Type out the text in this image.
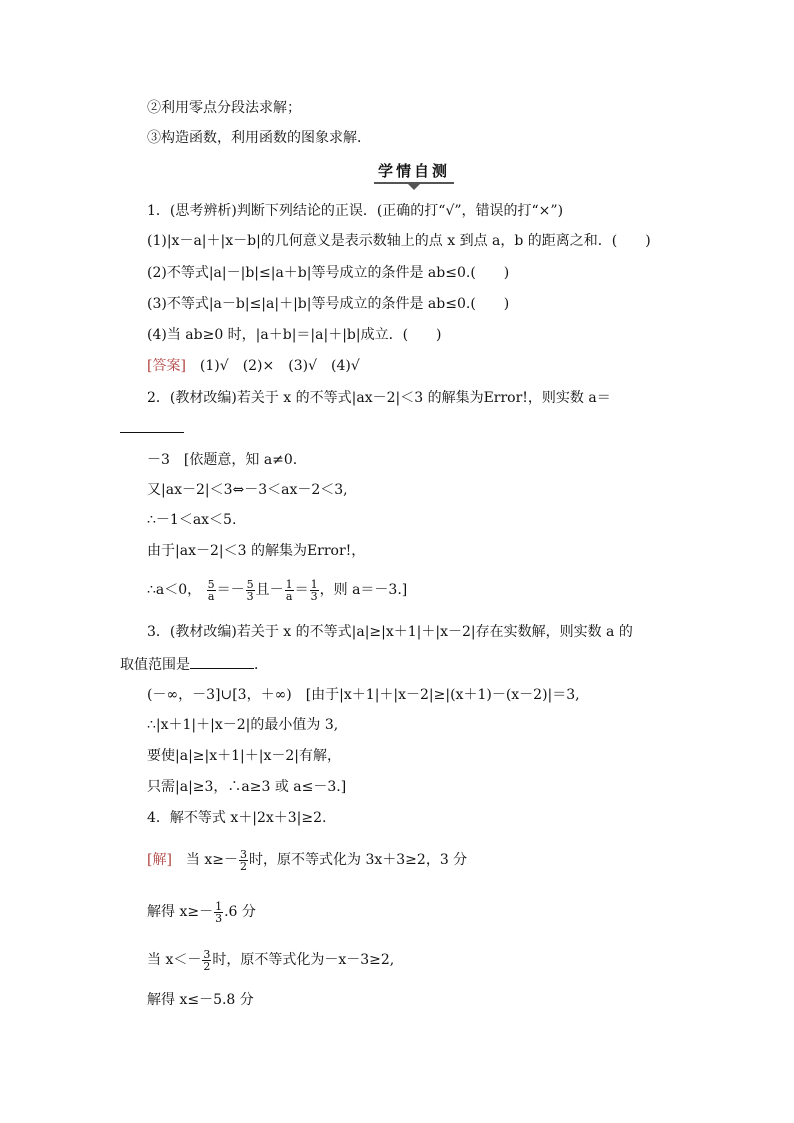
②利用零点分段法求解；
③构造函数，利用函数的图象求解．
学情自测
1．(思考辨析)判断下列结论的正误．(正确的打“√”，错误的打“×”)
(1)|x－a|＋|x－b|的几何意义是表示数轴上的点 x 到点 a，b 的距离之和．(　　)
(2)不等式|a|－|b|≤|a＋b|等号成立的条件是 ab≤0.(　　)
(3)不等式|a－b|≤|a|＋|b|等号成立的条件是 ab≤0.(　　)
(4)当 ab≥0 时，|a＋b|＝|a|＋|b|成立．(　　)
[答案]　(1)√　(2)×　(3)√　(4)√
2．(教材改编)若关于 x 的不等式|ax－2|＜3 的解集为Error!，则实数 a＝
－3　[依题意，知 a≠0.
又|ax－2|＜3⇔－3＜ax－2＜3,
∴－1＜ax＜5.
由于|ax－2|＜3 的解集为Error!，
∴a＜0， $\frac{5}{a} =- \frac{5}{3}$ 且－ $\frac{1}{a} = \frac{1}{3}$ ，则 a＝－3.]
3．(教材改编)若关于 x 的不等式|a|≥|x＋1|＋|x－2|存在实数解，则实数 a 的
取值范围是	．
(－∞，－3]∪[3，＋∞)　[由于|x＋1|＋|x－2|≥|(x＋1)－(x－2)|＝3,
∴|x＋1|＋|x－2|的最小值为 3,
要使|a|≥|x＋1|＋|x－2|有解，
只需|a|≥3，∴a≥3 或 a≤－3.]
4．解不等式 x＋|2x＋3|≥2.
[解]　当 $x\ge- \frac{3}{2}$ 时，原不等式化为 3x＋3≥2，3 分
解得 $x\ge- \frac{1}{3} .6$ 分
当 $x<- \frac{3}{2}$ 时，原不等式化为－x－3≥2,
解得 x≤－5.8 分
